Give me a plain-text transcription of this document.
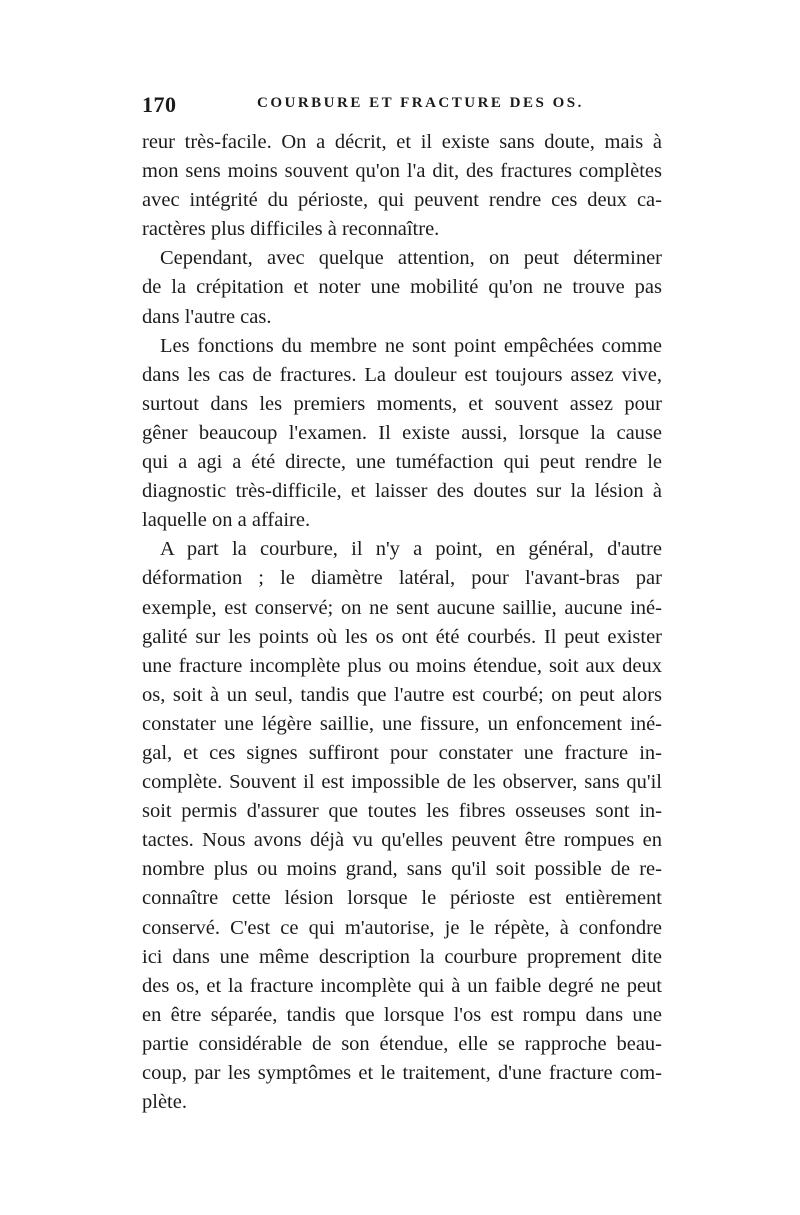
170	COURBURE ET FRACTURE DES OS.
reur très-facile. On a décrit, et il existe sans doute, mais à
mon sens moins souvent qu'on l'a dit, des fractures complètes
avec intégrité du périoste, qui peuvent rendre ces deux ca-
ractères plus difficiles à reconnaître.
Cependant, avec quelque attention, on peut déterminer
de la crépitation et noter une mobilité qu'on ne trouve pas
dans l'autre cas.
Les fonctions du membre ne sont point empêchées comme
dans les cas de fractures. La douleur est toujours assez vive,
surtout dans les premiers moments, et souvent assez pour
gêner beaucoup l'examen. Il existe aussi, lorsque la cause
qui a agi a été directe, une tuméfaction qui peut rendre le
diagnostic très-difficile, et laisser des doutes sur la lésion à
laquelle on a affaire.
A part la courbure, il n'y a point, en général, d'autre
déformation ; le diamètre latéral, pour l'avant-bras par
exemple, est conservé; on ne sent aucune saillie, aucune iné-
galité sur les points où les os ont été courbés. Il peut exister
une fracture incomplète plus ou moins étendue, soit aux deux
os, soit à un seul, tandis que l'autre est courbé; on peut alors
constater une légère saillie, une fissure, un enfoncement iné-
gal, et ces signes suffiront pour constater une fracture in-
complète. Souvent il est impossible de les observer, sans qu'il
soit permis d'assurer que toutes les fibres osseuses sont in-
tactes. Nous avons déjà vu qu'elles peuvent être rompues en
nombre plus ou moins grand, sans qu'il soit possible de re-
connaître cette lésion lorsque le périoste est entièrement
conservé. C'est ce qui m'autorise, je le répète, à confondre
ici dans une même description la courbure proprement dite
des os, et la fracture incomplète qui à un faible degré ne peut
en être séparée, tandis que lorsque l'os est rompu dans une
partie considérable de son étendue, elle se rapproche beau-
coup, par les symptômes et le traitement, d'une fracture com-
plète.
